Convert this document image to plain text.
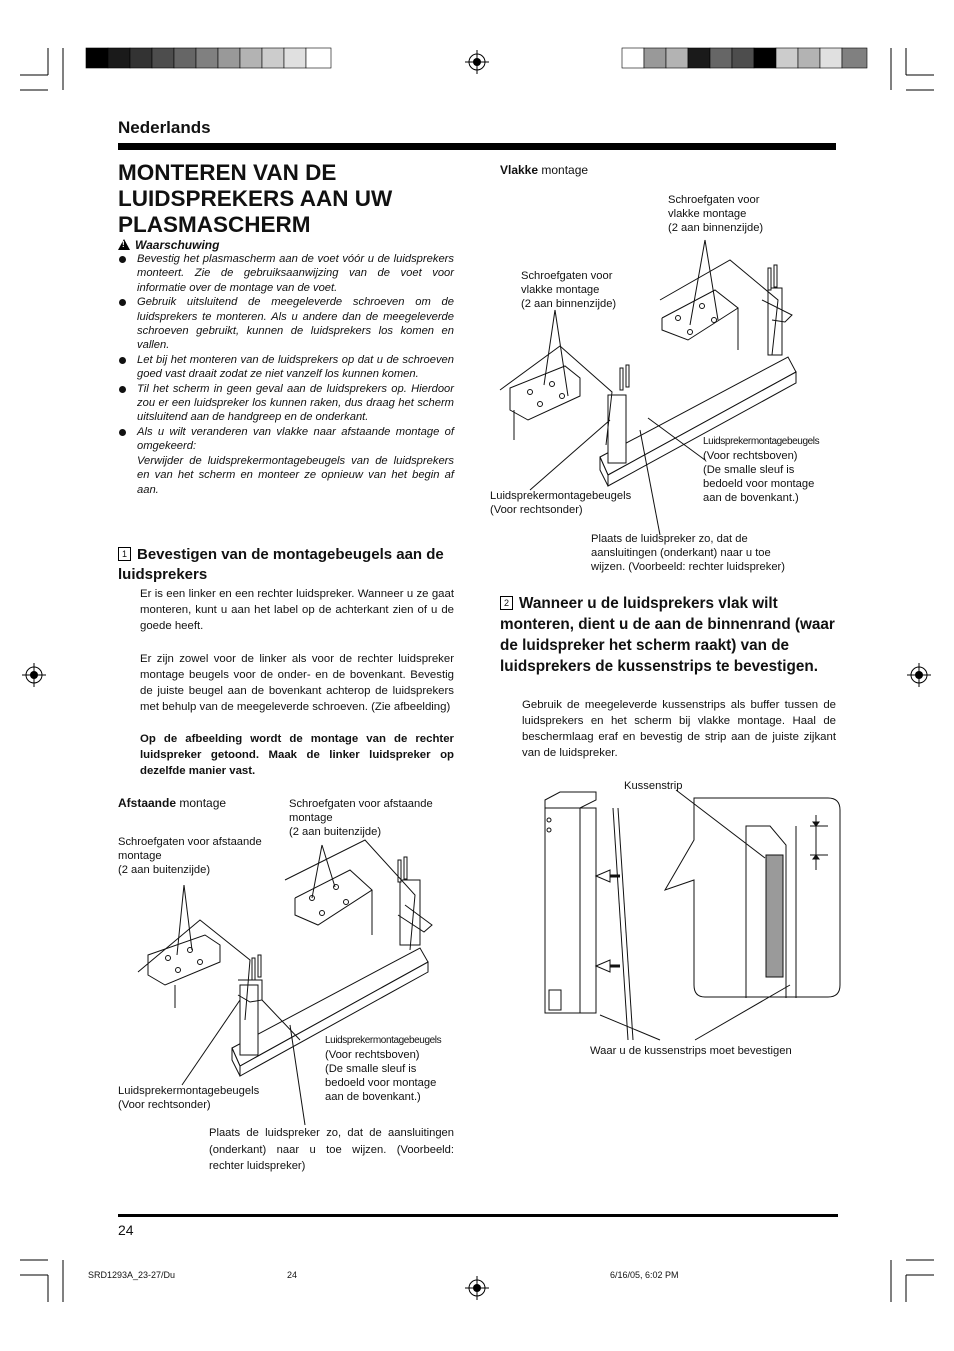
Nederlands
MONTEREN VAN DE LUIDSPREKERS AAN UW PLASMASCHERM
!Waarschuwing
Bevestig het plasmascherm aan de voet vóór u de luidsprekers monteert. Zie de gebruiksaanwijzing van de voet voor informatie over de montage van de voet.
Gebruik uitsluitend de meegeleverde schroeven om de luidsprekers te monteren. Als u andere dan de meegeleverde schroeven gebruikt, kunnen de luidsprekers los komen en vallen.
Let bij het monteren van de luidsprekers op dat u de schroeven goed vast draait zodat ze niet vanzelf los kunnen komen.
Til het scherm in geen geval aan de luidsprekers op. Hierdoor zou er een luidspreker los kunnen raken, dus draag het scherm uitsluitend aan de handgreep en de onderkant.
Als u wilt veranderen van vlakke naar afstaande montage of omgekeerd:
Verwijder de luidsprekermontagebeugels van de luidsprekers en van het scherm en monteer ze opnieuw van het begin af aan.
1 Bevestigen van de montagebeugels aan de luidsprekers
Er is een linker en een rechter luidspreker. Wanneer u ze gaat monteren, kunt u aan het label op de achterkant zien of u de goede heeft.
Er zijn zowel voor de linker als voor de rechter luidspreker montage beugels voor de onder- en de bovenkant. Bevestig de juiste beugel aan de bovenkant achterop de luidsprekers met behulp van de meegeleverde schroeven. (Zie afbeelding)
Op de afbeelding wordt de montage van de rechter luidspreker getoond. Maak de linker luidspreker op dezelfde manier vast.
Afstaande montage	Schroefgaten voor afstaande
montage
(2 aan buitenzijde)
Schroefgaten voor afstaande
montage
(2 aan buitenzijde)
Luidsprekermontagebeugels
(Voor rechtsboven)
(De smalle sleuf is
bedoeld voor montage
aan de bovenkant.)
Luidsprekermontagebeugels
(Voor rechtsonder)
Plaats de luidspreker zo, dat de aansluitingen (onderkant) naar u toe wijzen. (Voorbeeld: rechter luidspreker)
Vlakke montage
Schroefgaten voor
vlakke montage
(2 aan binnenzijde)
Schroefgaten voor
vlakke montage
(2 aan binnenzijde)
Luidsprekermontagebeugels
(Voor rechtsboven)
(De smalle sleuf is
bedoeld voor montage
aan de bovenkant.)
Luidsprekermontagebeugels
(Voor rechtsonder)
Plaats de luidspreker zo, dat de
aansluitingen (onderkant) naar u toe
wijzen. (Voorbeeld: rechter luidspreker)
2 Wanneer u de luidsprekers vlak wilt monteren, dient u de aan de binnenrand (waar de luidspreker het scherm raakt) van de luidsprekers de kussenstrips te bevestigen.
Gebruik de meegeleverde kussenstrips als buffer tussen de luidsprekers en het scherm bij vlakke montage. Haal de beschermlaag eraf en bevestig de strip aan de juiste zijkant van de luidspreker.
Kussenstrip
Waar u de kussenstrips moet bevestigen
24
SRD1293A_23-27/Du	24	6/16/05, 6:02 PM
